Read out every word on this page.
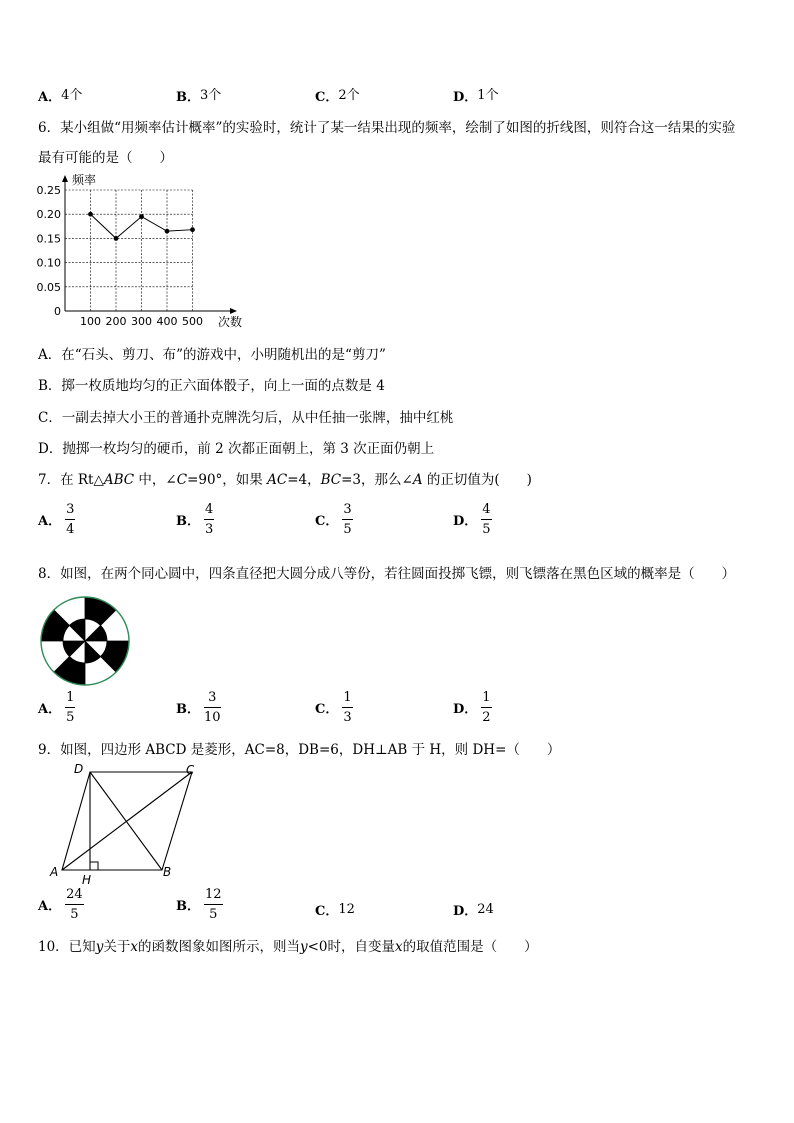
A．4个	B．3个	C．2个	D．1个
6．某小组做“用频率估计概率”的实验时，统计了某一结果出现的频率，绘制了如图的折线图，则符合这一结果的实验
最有可能的是（　　）
0.25
0.20
0.15
0.10
0.05
0
100 200 300 400 500
频率
次数
A．在“石头、剪刀、布”的游戏中，小明随机出的是“剪刀”
B．掷一枚质地均匀的正六面体骰子，向上一面的点数是 4
C．一副去掉大小王的普通扑克牌洗匀后，从中任抽一张牌，抽中红桃
D．抛掷一枚均匀的硬币，前 2 次都正面朝上，第 3 次正面仍朝上
7．在 Rt△ABC 中，∠C=90°，如果 AC=4，BC=3，那么∠A 的正切值为(　　)
A． $\frac{3}{4}$	B． $\frac{4}{3}$	C． $\frac{3}{5}$	D． $\frac{4}{5}$
8．如图，在两个同心圆中，四条直径把大圆分成八等份，若往圆面投掷飞镖，则飞镖落在黑色区域的概率是（　　）
A． $\frac{1}{5}$	B． $\frac{3}{10}$	C． $\frac{1}{3}$	D． $\frac{1}{2}$
9．如图，四边形 ABCD 是菱形，AC=8，DB=6，DH⊥AB 于 H，则 DH=（　　）
D	C
A	B
H
A． $\frac{24}{5}$	B． $\frac{12}{5}$	C．12	D．24
10．已知y关于x的函数图象如图所示，则当y<0时，自变量x的取值范围是（　　）
